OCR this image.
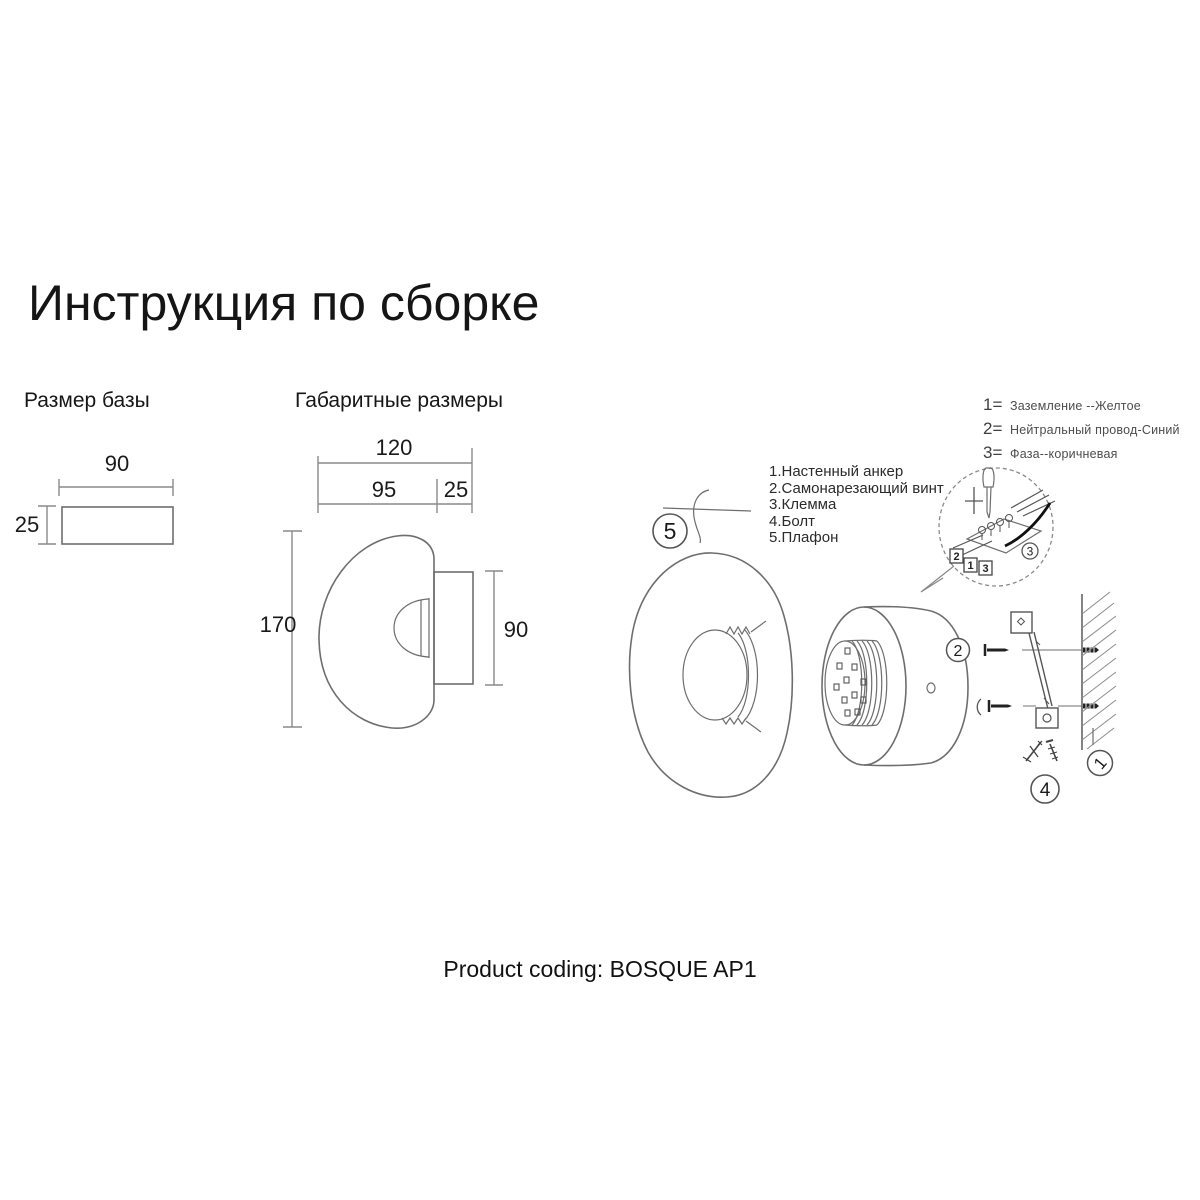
Инструкция по сборке
Размер базы	Габаритные размеры
1.Настенный анкер
2.Самонарезающий винт
3.Клемма
4.Болт
5.Плафон
1= Заземление --Желтое
2= Нейтральный провод-Синий
3= Фаза--коричневая
Product coding: BOSQUE AP1
90
25
120
95 25
170	90
5
2
1 3
3
2
1
4
